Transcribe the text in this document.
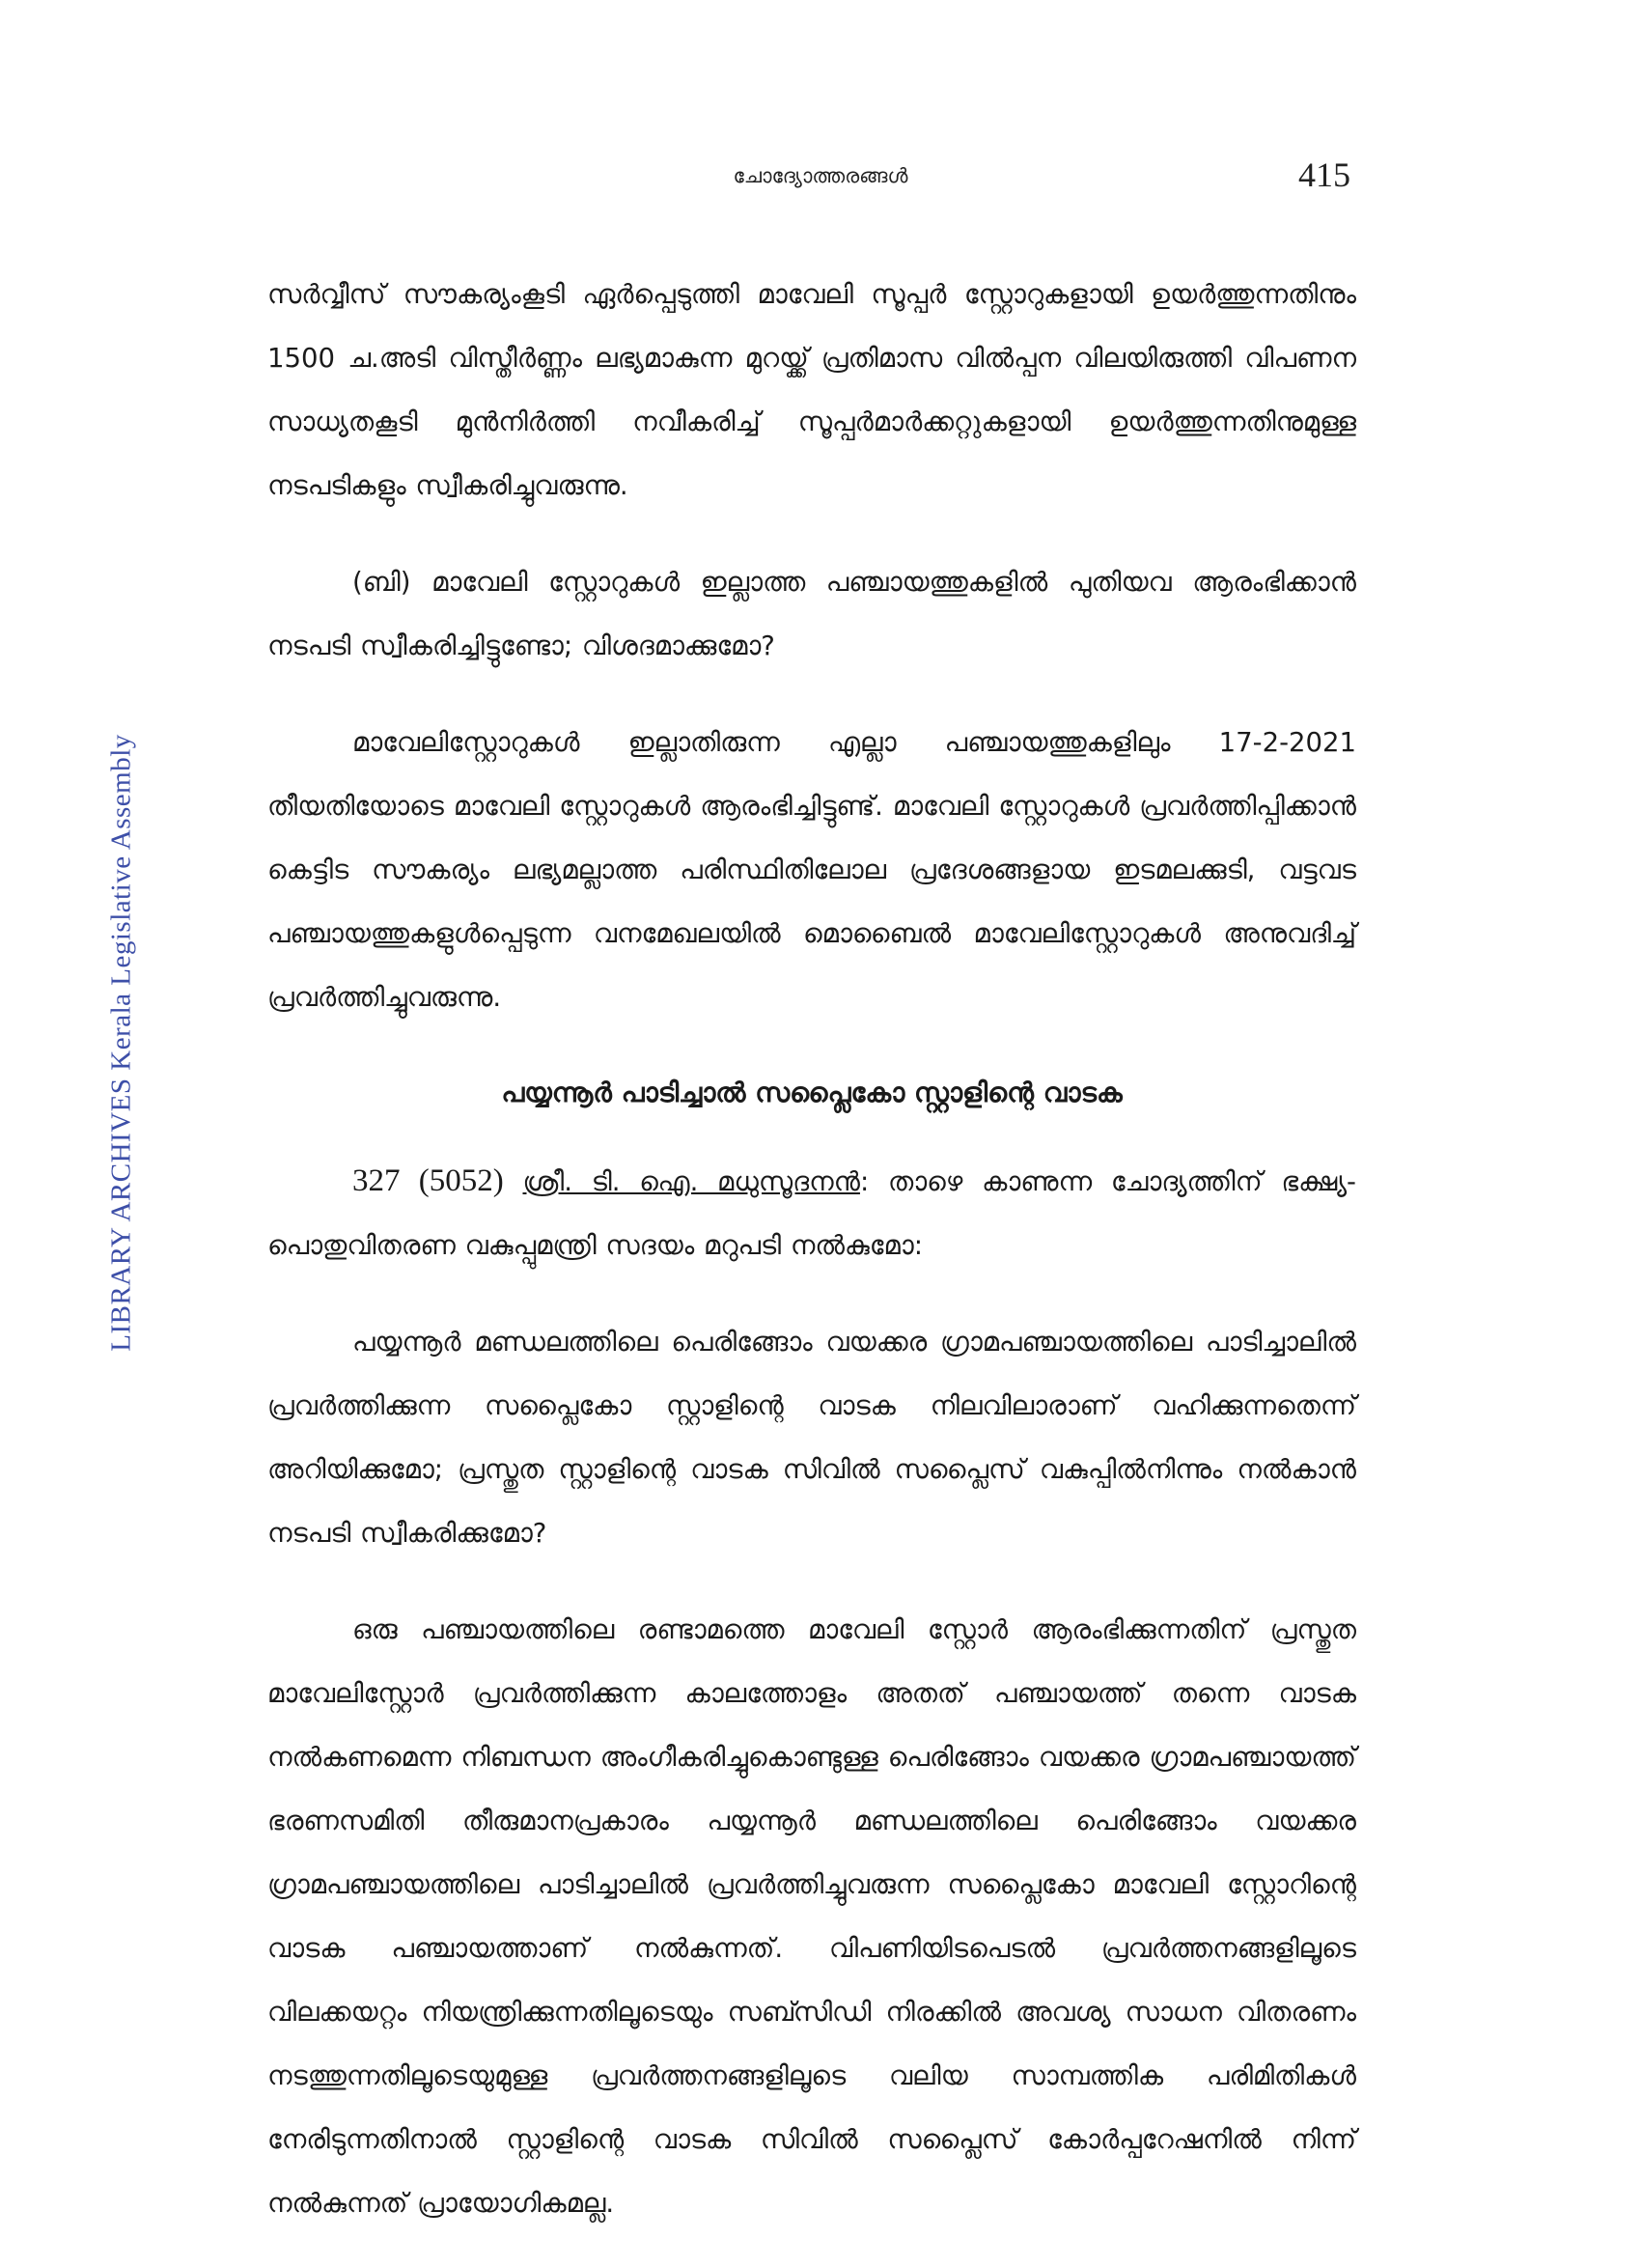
LIBRARY ARCHIVES Kerala Legislative Assembly
ചോദ്യോത്തരങ്ങൾ	415

സർവ്വീസ് സൗകര്യംകൂടി ഏർപ്പെടുത്തി മാവേലി സൂപ്പർ സ്റ്റോറുകളായി ഉയർത്തുന്നതിനും 1500 ച.അടി വിസ്തീർണ്ണം ലഭ്യമാകുന്ന മുറയ്ക്ക് പ്രതിമാസ വിൽപ്പന വിലയിരുത്തി വിപണന സാധ്യതകൂടി മുൻനിർത്തി നവീകരിച്ച് സൂപ്പർമാർക്കറ്റുകളായി ഉയർത്തുന്നതിനുമുള്ള നടപടികളും സ്വീകരിച്ചുവരുന്നു.

(ബി) മാവേലി സ്റ്റോറുകൾ ഇല്ലാത്ത പഞ്ചായത്തുകളിൽ പുതിയവ ആരംഭിക്കാൻ നടപടി സ്വീകരിച്ചിട്ടുണ്ടോ; വിശദമാക്കുമോ?

മാവേലിസ്റ്റോറുകൾ ഇല്ലാതിരുന്ന എല്ലാ പഞ്ചായത്തുകളിലും 17-2-2021 തീയതിയോടെ മാവേലി സ്റ്റോറുകൾ ആരംഭിച്ചിട്ടുണ്ട്. മാവേലി സ്റ്റോറുകൾ പ്രവർത്തിപ്പിക്കാൻ കെട്ടിട സൗകര്യം ലഭ്യമല്ലാത്ത പരിസ്ഥിതിലോല പ്രദേശങ്ങളായ ഇടമലക്കുടി, വട്ടവട പഞ്ചായത്തുകളുൾപ്പെടുന്ന വനമേഖലയിൽ മൊബൈൽ മാവേലിസ്റ്റോറുകൾ അനുവദിച്ച് പ്രവർത്തിച്ചുവരുന്നു.

പയ്യന്നൂർ പാടിച്ചാൽ സപ്ലൈകോ സ്റ്റാളിന്റെ വാടക

327 (5052) ശ്രീ. ടി. ഐ. മധുസൂദനൻ: താഴെ കാണുന്ന ചോദ്യത്തിന് ഭക്ഷ്യ-പൊതുവിതരണ വകുപ്പുമന്ത്രി സദയം മറുപടി നൽകുമോ:

പയ്യന്നൂർ മണ്ഡലത്തിലെ പെരിങ്ങോം വയക്കര ഗ്രാമപഞ്ചായത്തിലെ പാടിച്ചാലിൽ പ്രവർത്തിക്കുന്ന സപ്ലൈകോ സ്റ്റാളിന്റെ വാടക നിലവിലാരാണ് വഹിക്കുന്നതെന്ന് അറിയിക്കുമോ; പ്രസ്തുത സ്റ്റാളിന്റെ വാടക സിവിൽ സപ്ലൈസ് വകുപ്പിൽനിന്നും നൽകാൻ നടപടി സ്വീകരിക്കുമോ?

ഒരു പഞ്ചായത്തിലെ രണ്ടാമത്തെ മാവേലി സ്റ്റോർ ആരംഭിക്കുന്നതിന് പ്രസ്തുത മാവേലിസ്റ്റോർ പ്രവർത്തിക്കുന്ന കാലത്തോളം അതത് പഞ്ചായത്ത് തന്നെ വാടക നൽകണമെന്ന നിബന്ധന അംഗീകരിച്ചുകൊണ്ടുള്ള പെരിങ്ങോം വയക്കര ഗ്രാമപഞ്ചായത്ത് ഭരണസമിതി തീരുമാനപ്രകാരം പയ്യന്നൂർ മണ്ഡലത്തിലെ പെരിങ്ങോം വയക്കര ഗ്രാമപഞ്ചായത്തിലെ പാടിച്ചാലിൽ പ്രവർത്തിച്ചുവരുന്ന സപ്ലൈകോ മാവേലി സ്റ്റോറിന്റെ വാടക പഞ്ചായത്താണ് നൽകുന്നത്. വിപണിയിടപെടൽ പ്രവർത്തനങ്ങളിലൂടെ വിലക്കയറ്റം നിയന്ത്രിക്കുന്നതിലൂടെയും സബ്സിഡി നിരക്കിൽ അവശ്യ സാധന വിതരണം നടത്തുന്നതിലൂടെയുമുള്ള പ്രവർത്തനങ്ങളിലൂടെ വലിയ സാമ്പത്തിക പരിമിതികൾ നേരിടുന്നതിനാൽ സ്റ്റാളിന്റെ വാടക സിവിൽ സപ്ലൈസ് കോർപ്പറേഷനിൽ നിന്ന് നൽകുന്നത് പ്രായോഗികമല്ല.
